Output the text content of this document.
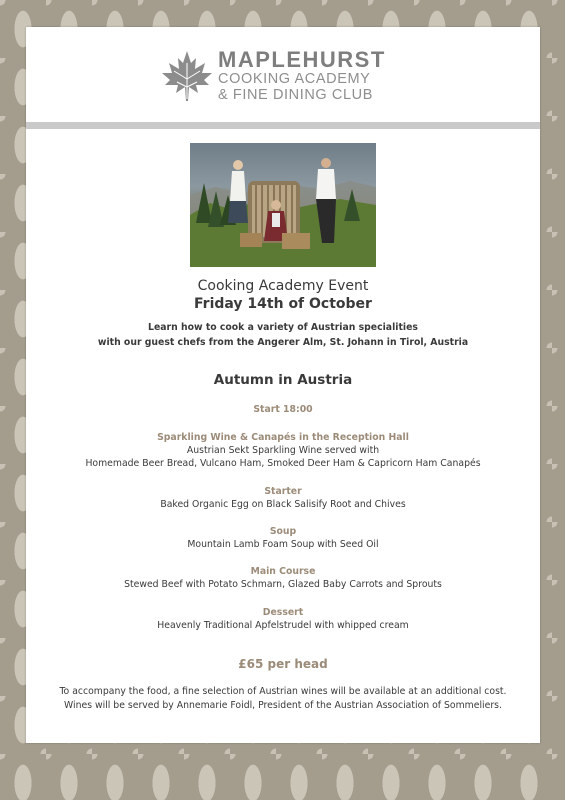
MAPLEHURST
COOKING ACADEMY
& FINE DINING CLUB
Cooking Academy Event
Friday 14th of October
Learn how to cook a variety of Austrian specialities
with our guest chefs from the Angerer Alm, St. Johann in Tirol, Austria
Autumn in Austria
Start 18:00
Sparkling Wine & Canapés in the Reception Hall
Austrian Sekt Sparkling Wine served with
Homemade Beer Bread, Vulcano Ham, Smoked Deer Ham & Capricorn Ham Canapés
Starter
Baked Organic Egg on Black Salisify Root and Chives
Soup
Mountain Lamb Foam Soup with Seed Oil
Main Course
Stewed Beef with Potato Schmarn, Glazed Baby Carrots and Sprouts
Dessert
Heavenly Traditional Apfelstrudel with whipped cream
£65 per head
To accompany the food, a fine selection of Austrian wines will be available at an additional cost.
Wines will be served by Annemarie Foidl, President of the Austrian Association of Sommeliers.
